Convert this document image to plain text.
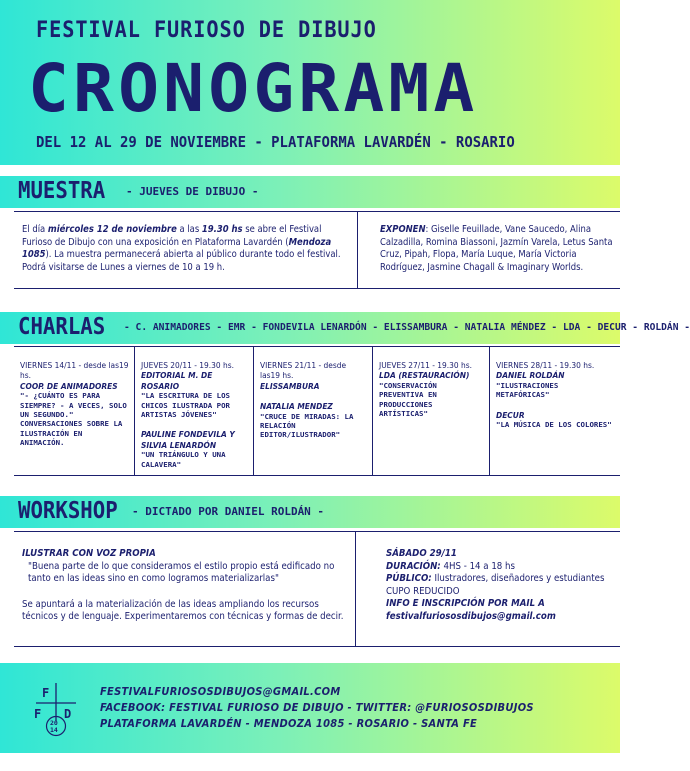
FESTIVAL FURIOSO DE DIBUJO
CRONOGRAMA
DEL 12 AL 29 DE NOVIEMBRE - PLATAFORMA LAVARDÉN - ROSARIO
MUESTRA - JUEVES DE DIBUJO -
El día miércoles 12 de noviembre a las 19.30 hs se abre el Festival Furioso de Dibujo con una exposición en Plataforma Lavardén (Mendoza 1085). La muestra permanecerá abierta al público durante todo el festival. Podrá visitarse de Lunes a viernes de 10 a 19 h.
EXPONEN: Giselle Feuillade, Vane Saucedo, Alina Calzadilla, Romina Biassoni, Jazmín Varela, Letus Santa Cruz, Pipah, Flopa, María Luque, María Victoria Rodríguez, Jasmine Chagall & Imaginary Worlds.
CHARLAS - C. ANIMADORES - EMR - FONDEVILA LENARDÓN - ELISSAMBURA - NATALIA MÉNDEZ - LDA - DECUR - ROLDÁN -
VIERNES 14/11 - desde las19 hs.
COOP. DE ANIMADORES
"- ¿CUÁNTO ES PARA SIEMPRE? - A VECES, SOLO UN SEGUNDO." CONVERSACIONES SOBRE LA ILUSTRACIÓN EN ANIMACIÓN.
JUEVES 20/11 - 19.30 hs.
EDITORIAL M. DE ROSARIO
"LA ESCRITURA DE LOS CHICOS ILUSTRADA POR ARTISTAS JÓVENES"
PAULINE FONDEVILA Y SILVIA LENARDÓN
"UN TRIÁNGULO Y UNA CALAVERA"
VIERNES 21/11 - desde las19 hs.
ELISSAMBURA
NATALIA MENDEZ
"CRUCE DE MIRADAS: LA RELACIÓN EDITOR/ILUSTRADOR"
JUEVES 27/11 - 19.30 hs.
LDA (RESTAURACIÓN)
"CONSERVACIÓN PREVENTIVA EN PRODUCCIONES ARTÍSTICAS"
VIERNES 28/11 - 19.30 hs.
DANIEL ROLDÁN
"ILUSTRACIONES METAFÓRICAS"
DECUR
"LA MÚSICA DE LOS COLORES"
WORKSHOP - DICTADO POR DANIEL ROLDÁN -
ILUSTRAR CON VOZ PROPIA
"Buena parte de lo que consideramos el estilo propio está edificado no tanto en las ideas sino en como logramos materializarlas"
Se apuntará a la materialización de las ideas ampliando los recursos técnicos y de lenguaje. Experimentaremos con técnicas y formas de decir.
SÁBADO 29/11
DURACIÓN: 4HS - 14 a 18 hs
PÚBLICO: Ilustradores, diseñadores y estudiantes
CUPO REDUCIDO
INFO E INSCRIPCIÓN POR MAIL A
festivalfuriososdibujos@gmail.com
F
F D
20
14
FESTIVALFURIOSOSDIBUJOS@GMAIL.COM
FACEBOOK: FESTIVAL FURIOSO DE DIBUJO - TWITTER: @FURIOSOSDIBUJOS
PLATAFORMA LAVARDÉN - MENDOZA 1085 - ROSARIO - SANTA FE
